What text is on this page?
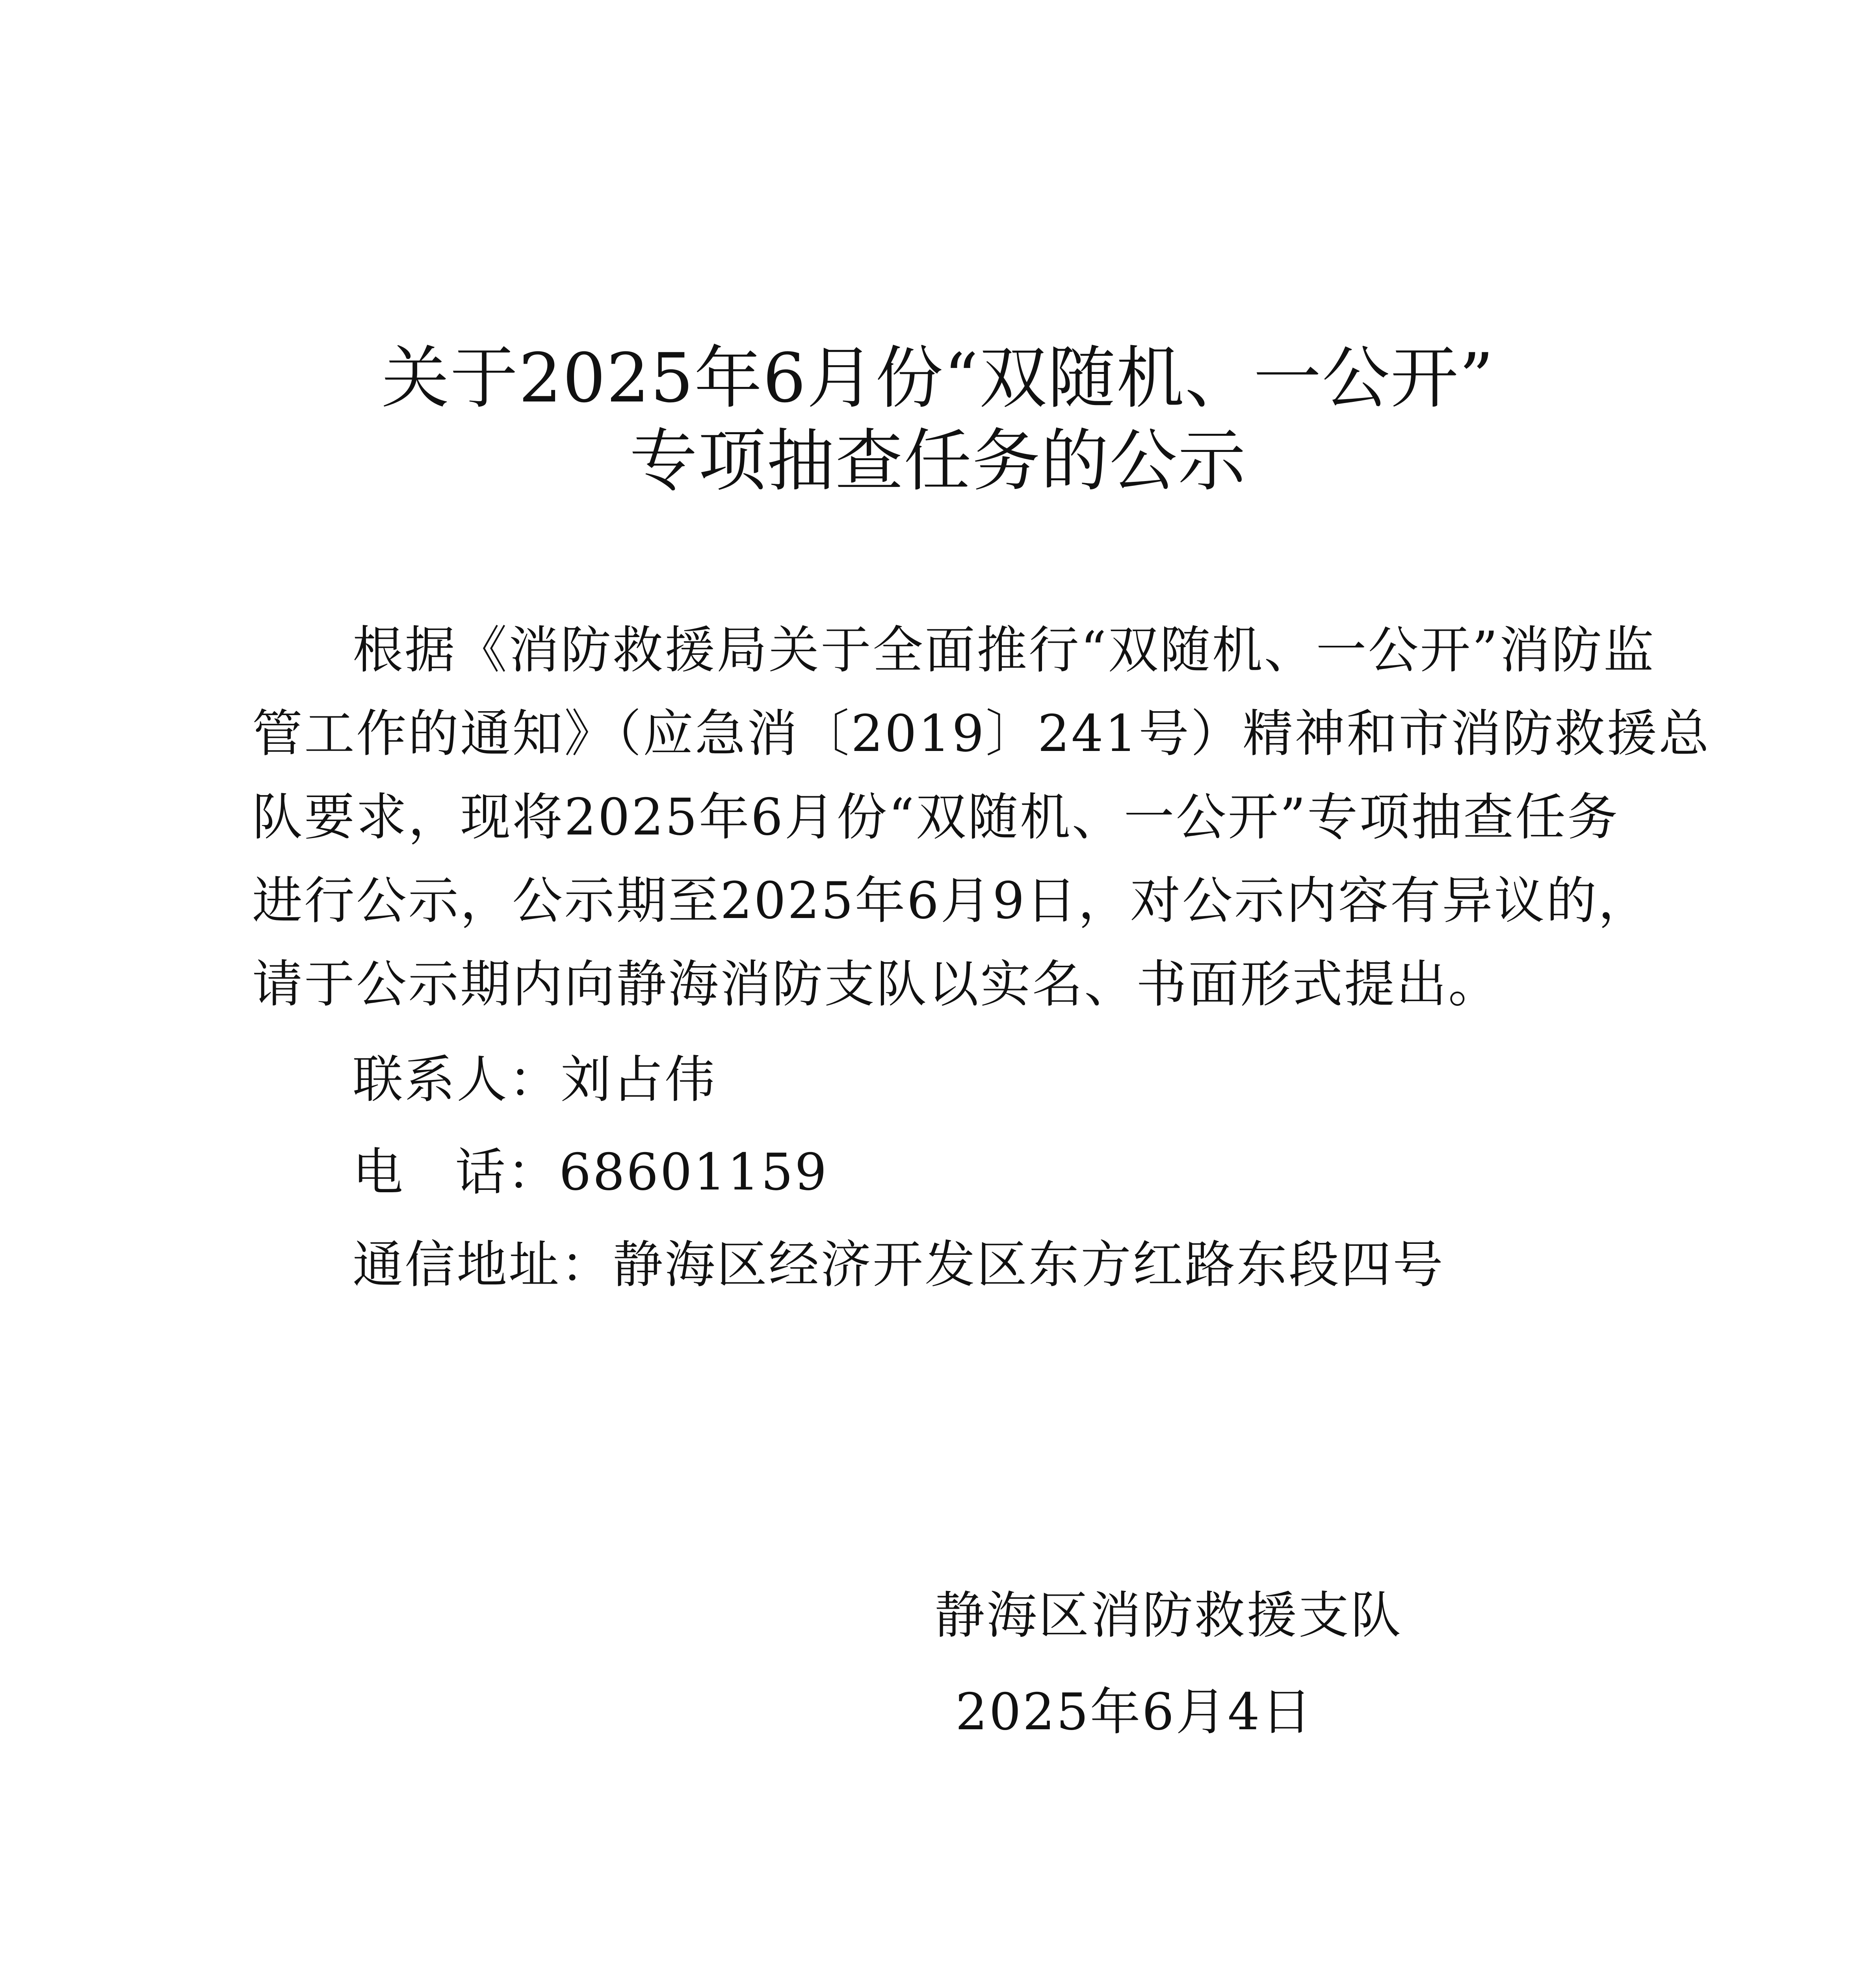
关于2025年6月份“双随机、一公开”
专项抽查任务的公示
根据《消防救援局关于全面推行“双随机、一公开”消防监
管工作的通知》（应急消〔2019〕241号）精神和市消防救援总
队要求，现将2025年6月份“双随机、一公开”专项抽查任务
进行公示，公示期至2025年6月9日，对公示内容有异议的，
请于公示期内向静海消防支队以实名、书面形式提出。
联系人：刘占伟
电 话：68601159
通信地址：静海区经济开发区东方红路东段四号
静海区消防救援支队
2025年6月4日
